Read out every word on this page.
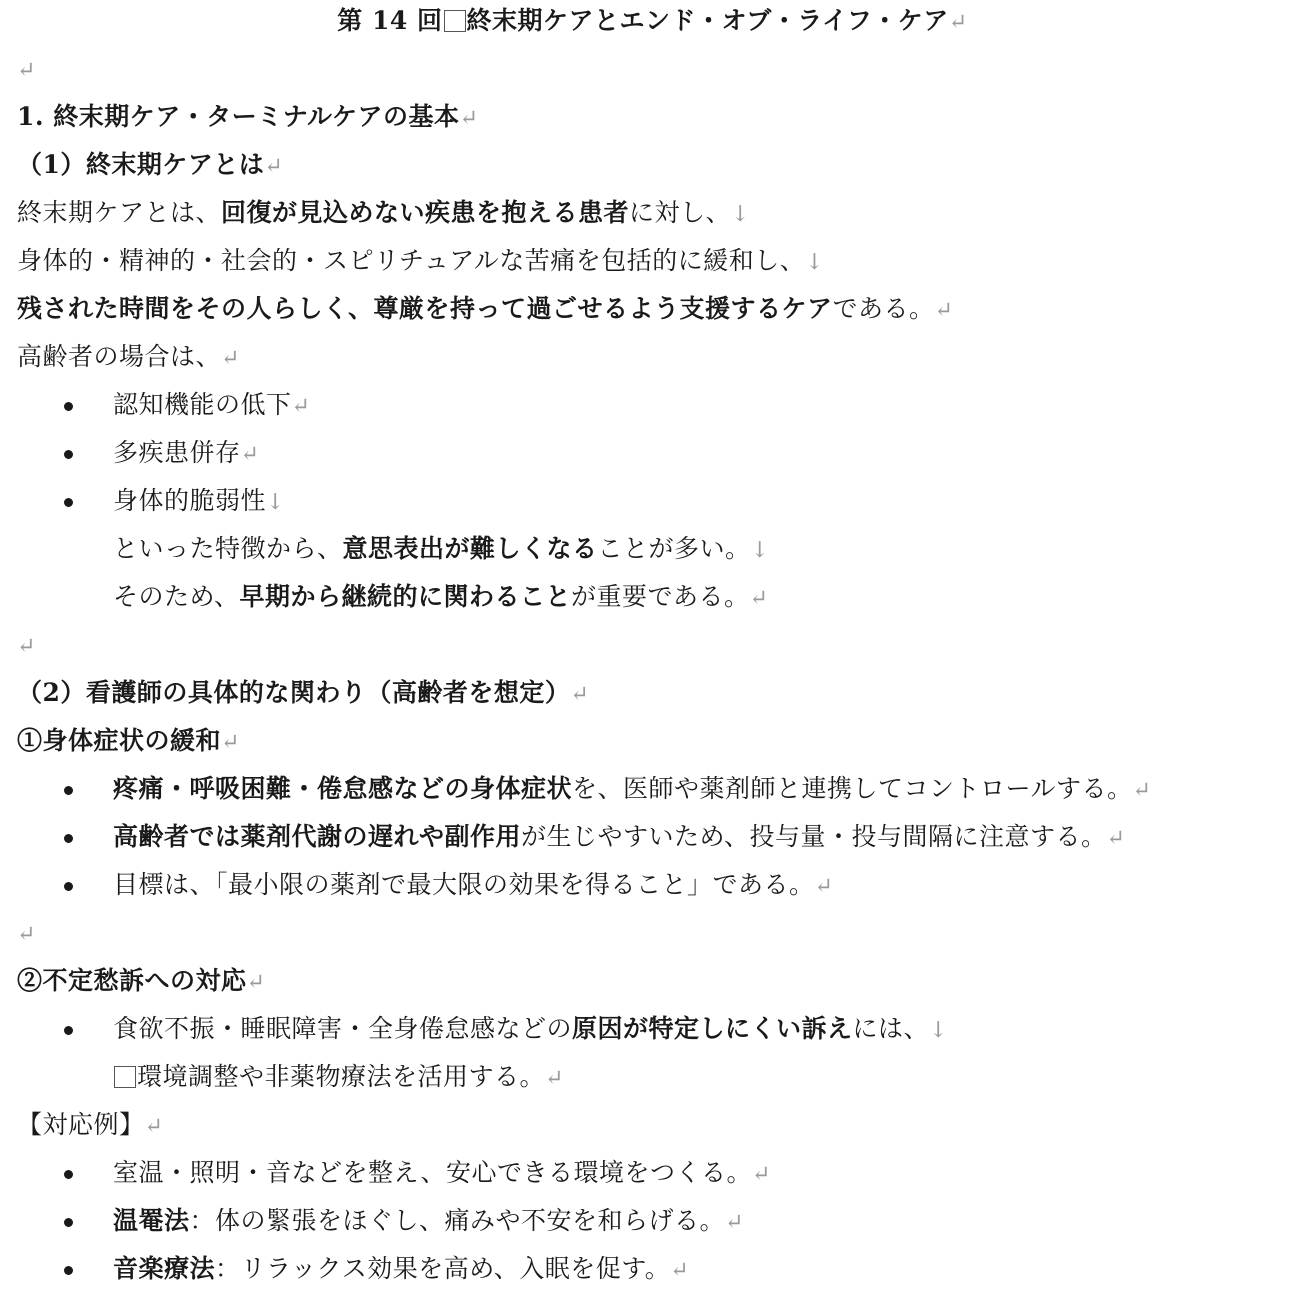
第 14 回 終末期ケアとエンド・オブ・ライフ・ケア↵
↵
1. 終末期ケア・ターミナルケアの基本↵
（1）終末期ケアとは↵
終末期ケアとは、回復が見込めない疾患を抱える患者に対し、↓
身体的・精神的・社会的・スピリチュアルな苦痛を包括的に緩和し、↓
残された時間をその人らしく、尊厳を持って過ごせるよう支援するケアである。↵
高齢者の場合は、↵
認知機能の低下↵
多疾患併存↵
身体的脆弱性↓
といった特徴から、意思表出が難しくなることが多い。↓
そのため、早期から継続的に関わることが重要である。↵
↵
（2）看護師の具体的な関わり（高齢者を想定）↵
①身体症状の緩和↵
疼痛・呼吸困難・倦怠感などの身体症状を、医師や薬剤師と連携してコントロールする。↵
高齢者では薬剤代謝の遅れや副作用が生じやすいため、投与量・投与間隔に注意する。↵
目標は、「最小限の薬剤で最大限の効果を得ること」である。↵
↵
②不定愁訴への対応↵
食欲不振・睡眠障害・全身倦怠感などの原因が特定しにくい訴えには、↓
環境調整や非薬物療法を活用する。↵
【対応例】↵
室温・照明・音などを整え、安心できる環境をつくる。↵
温罨法：体の緊張をほぐし、痛みや不安を和らげる。↵
音楽療法：リラックス効果を高め、入眠を促す。↵
